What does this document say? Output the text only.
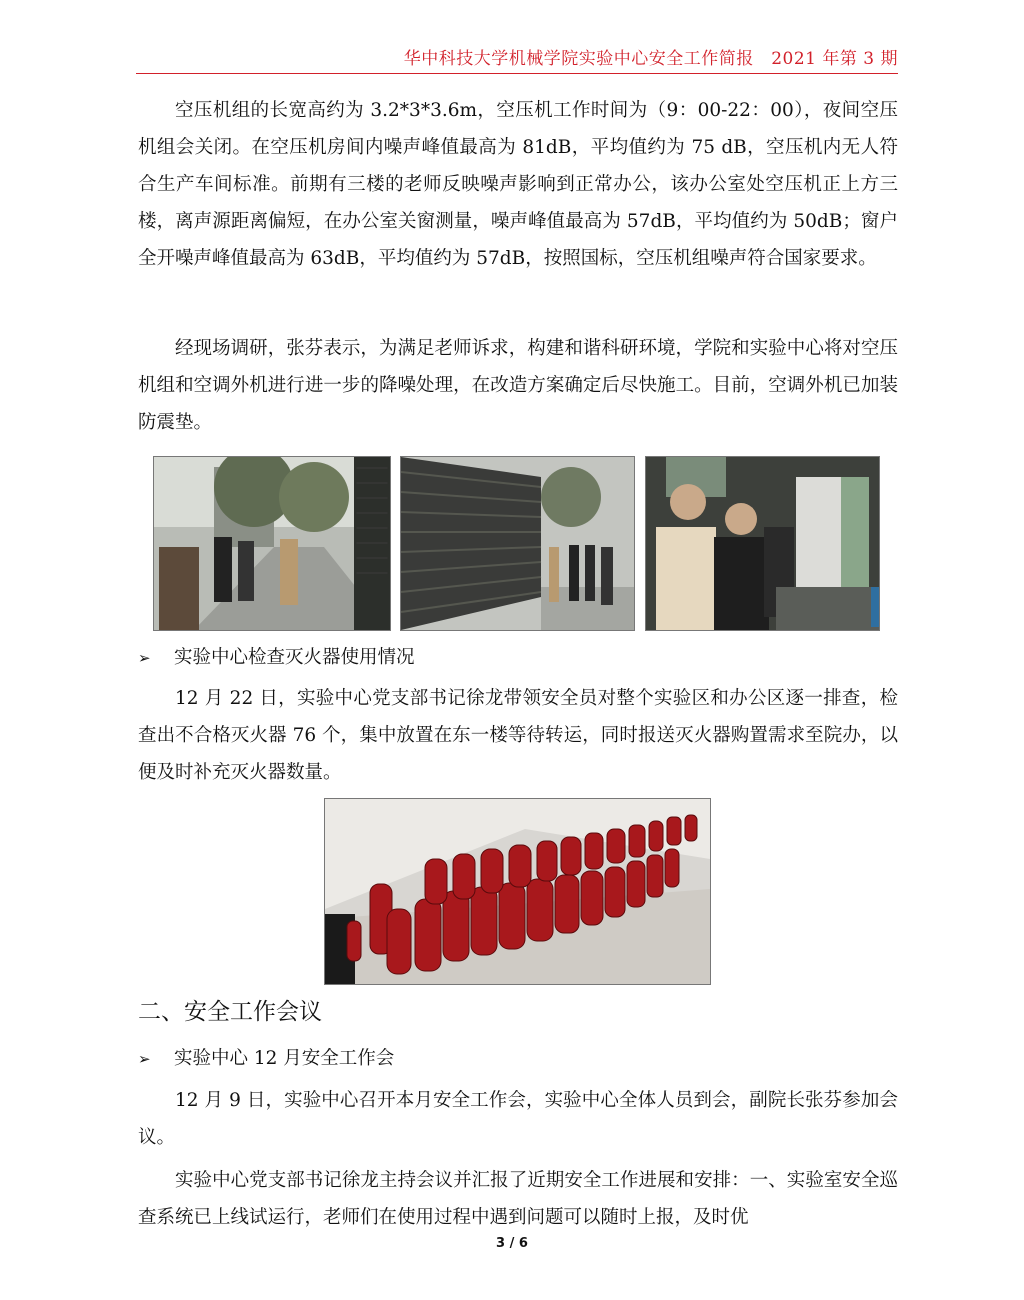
华中科技大学机械学院实验中心安全工作简报　2021 年第 3 期

空压机组的长宽高约为 3.2*3*3.6m，空压机工作时间为（9：00-22：00），夜间空压机组会关闭。在空压机房间内噪声峰值最高为 81dB，平均值约为 75 dB，空压机内无人符合生产车间标准。前期有三楼的老师反映噪声影响到正常办公，该办公室处空压机正上方三楼，离声源距离偏短，在办公室关窗测量，噪声峰值最高为 57dB，平均值约为 50dB；窗户全开噪声峰值最高为 63dB，平均值约为 57dB，按照国标，空压机组噪声符合国家要求。

经现场调研，张芬表示，为满足老师诉求，构建和谐科研环境，学院和实验中心将对空压机组和空调外机进行进一步的降噪处理，在改造方案确定后尽快施工。目前，空调外机已加装防震垫。

➢ 实验中心检查灭火器使用情况

12 月 22 日，实验中心党支部书记徐龙带领安全员对整个实验区和办公区逐一排查，检查出不合格灭火器 76 个，集中放置在东一楼等待转运，同时报送灭火器购置需求至院办，以便及时补充灭火器数量。

二、安全工作会议
➢ 实验中心 12 月安全工作会

12 月 9 日，实验中心召开本月安全工作会，实验中心全体人员到会，副院长张芬参加会议。

实验中心党支部书记徐龙主持会议并汇报了近期安全工作进展和安排：一、实验室安全巡查系统已上线试运行，老师们在使用过程中遇到问题可以随时上报，及时优

3 / 6
